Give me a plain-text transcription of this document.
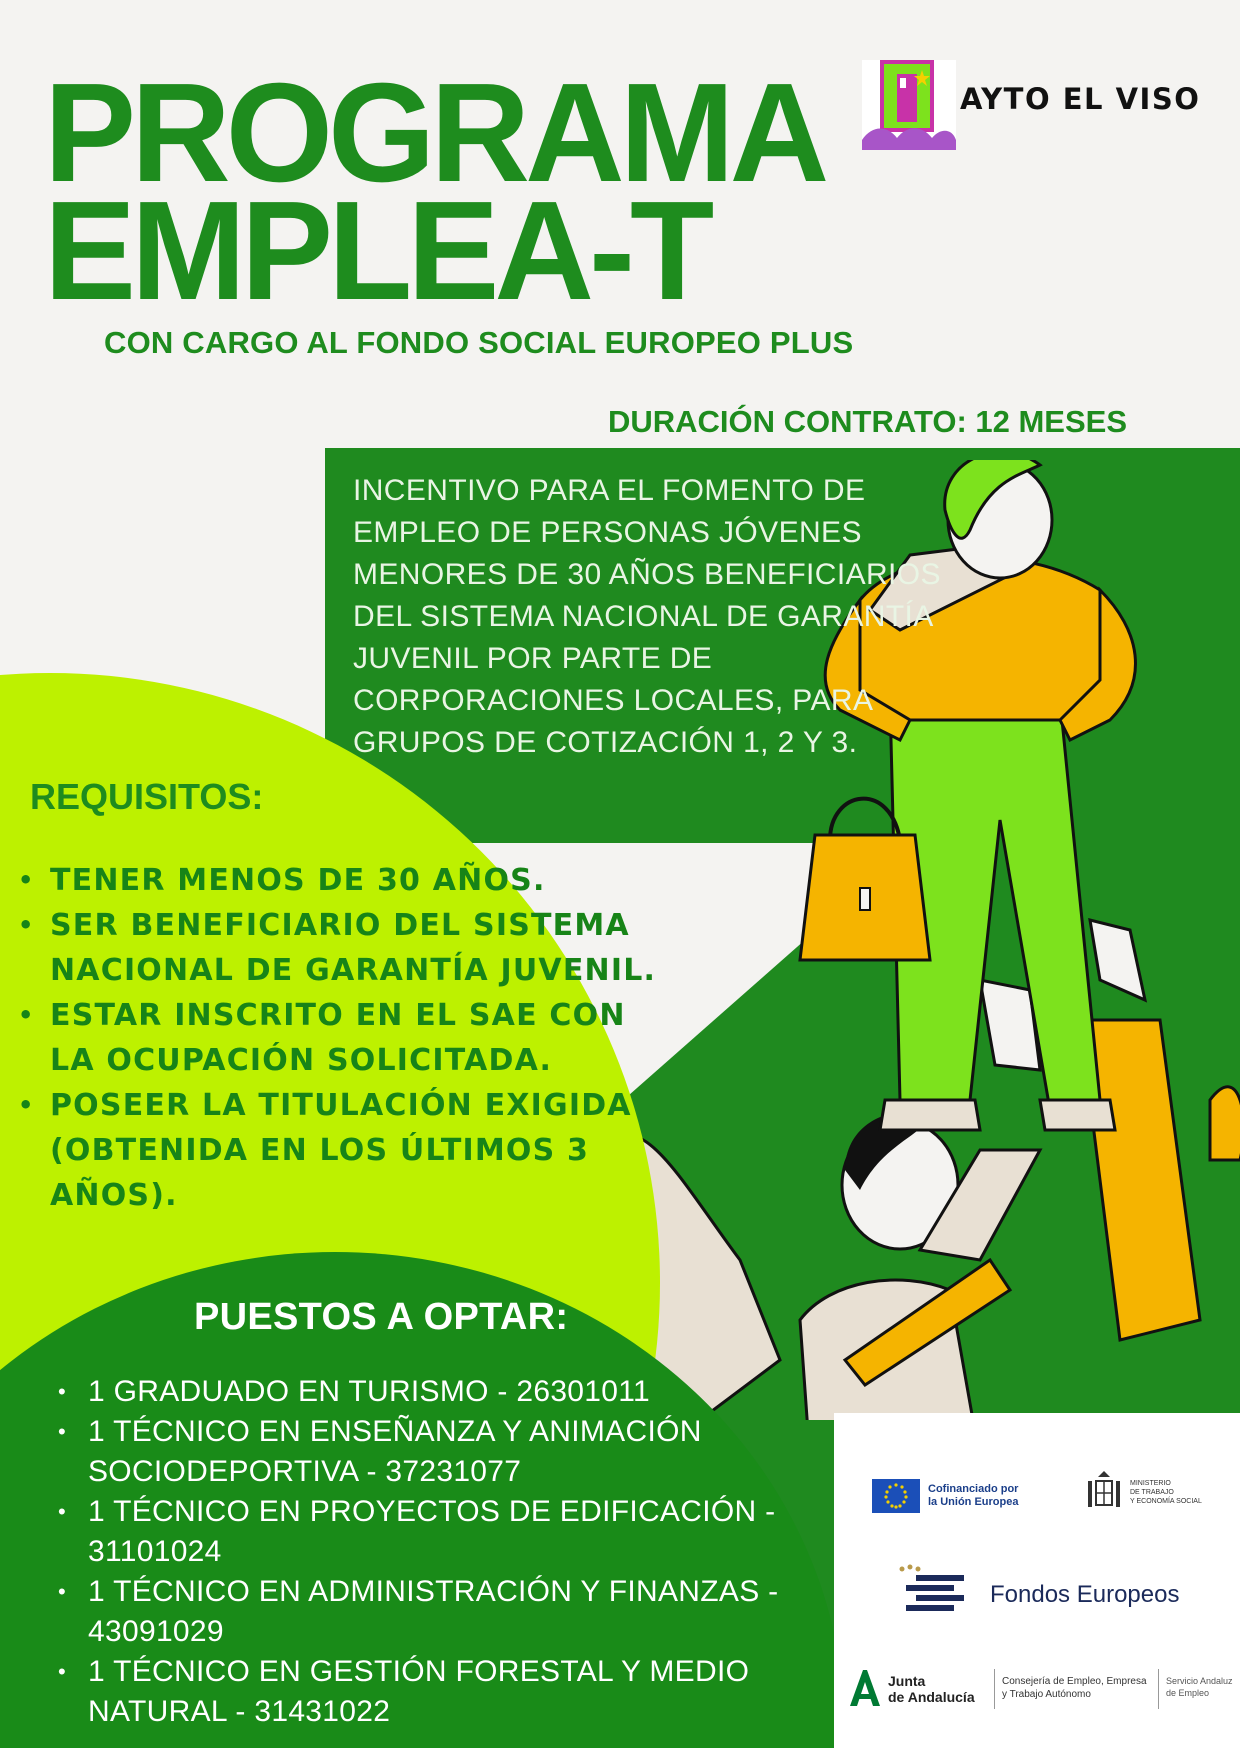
PROGRAMA
EMPLEA-T
CON CARGO AL FONDO SOCIAL EUROPEO PLUS
DURACIÓN CONTRATO: 12 MESES
AYTO EL VISO
INCENTIVO PARA EL FOMENTO DE
EMPLEO DE PERSONAS JÓVENES
MENORES DE 30 AÑOS BENEFICIARIOS
DEL SISTEMA NACIONAL DE GARANTÍA
JUVENIL POR PARTE DE
CORPORACIONES LOCALES, PARA
GRUPOS DE COTIZACIÓN 1, 2 Y 3.
REQUISITOS:
• TENER MENOS DE 30 AÑOS.
• SER BENEFICIARIO DEL SISTEMA NACIONAL DE GARANTÍA JUVENIL.
• ESTAR INSCRITO EN EL SAE CON LA OCUPACIÓN SOLICITADA.
• POSEER LA TITULACIÓN EXIGIDA (OBTENIDA EN LOS ÚLTIMOS 3 AÑOS).
PUESTOS A OPTAR:
• 1 GRADUADO EN TURISMO - 26301011
• 1 TÉCNICO EN ENSEÑANZA Y ANIMACIÓN SOCIODEPORTIVA - 37231077
• 1 TÉCNICO EN PROYECTOS DE EDIFICACIÓN - 31101024
• 1 TÉCNICO EN ADMINISTRACIÓN Y FINANZAS - 43091029
• 1 TÉCNICO EN GESTIÓN FORESTAL Y MEDIO NATURAL - 31431022
Cofinanciado por
la Unión Europea
MINISTERIO
DE TRABAJO
Y ECONOMÍA SOCIAL
Fondos Europeos
Junta
de Andalucía
Consejería de Empleo, Empresa
y Trabajo Autónomo
Servicio Andaluz
de Empleo
